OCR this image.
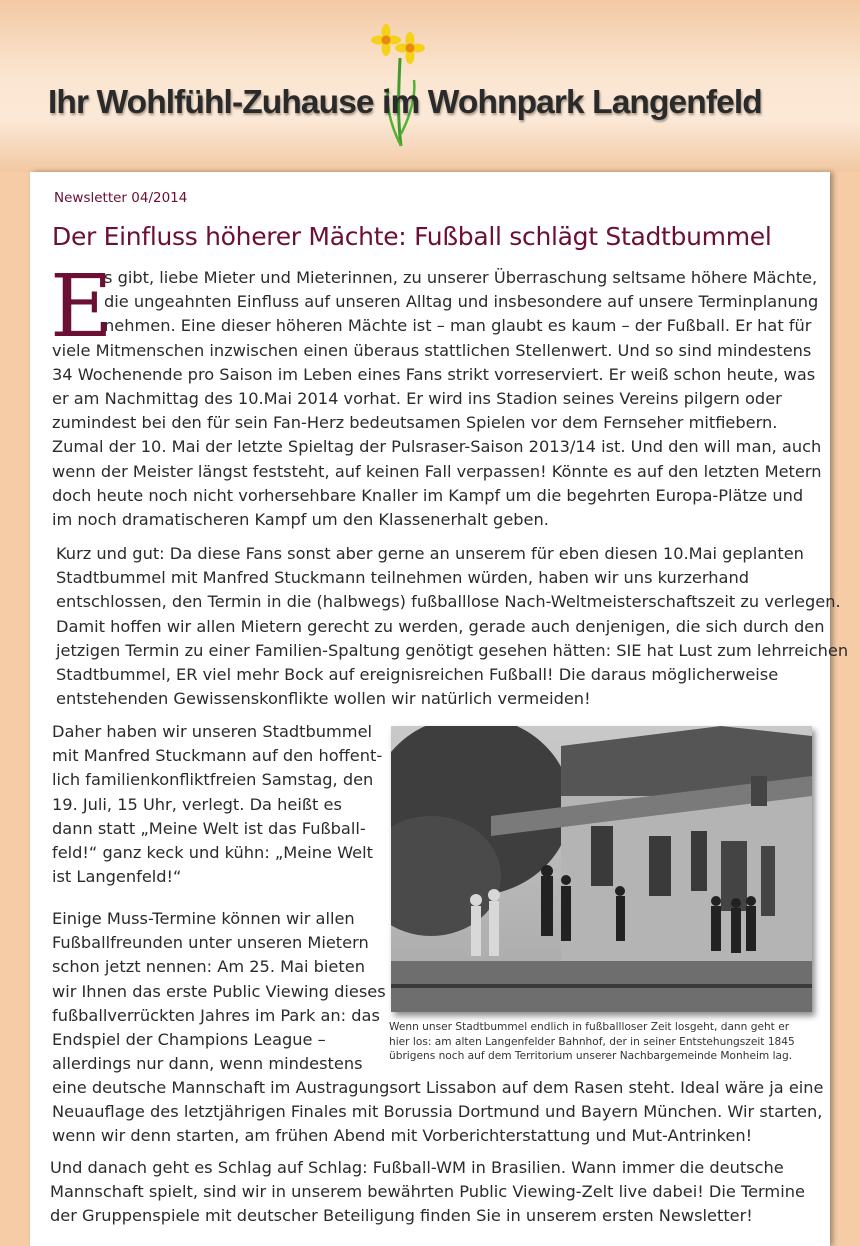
Ihr Wohlfühl-Zuhause im Wohnpark Langenfeld
Newsletter 04/2014
Der Einfluss höherer Mächte: Fußball schlägt Stadtbummel
E
s gibt, liebe Mieter und Mieterinnen, zu unserer Überraschung seltsame höhere Mächte,
die ungeahnten Einfluss auf unseren Alltag und insbesondere auf unsere Terminplanung
nehmen. Eine dieser höheren Mächte ist – man glaubt es kaum – der Fußball. Er hat für
viele Mitmenschen inzwischen einen überaus stattlichen Stellenwert. Und so sind mindestens
34 Wochenende pro Saison im Leben eines Fans strikt vorreserviert. Er weiß schon heute, was
er am Nachmittag des 10.Mai 2014 vorhat. Er wird ins Stadion seines Vereins pilgern oder
zumindest bei den für sein Fan-Herz bedeutsamen Spielen vor dem Fernseher mitfiebern.
Zumal der 10. Mai der letzte Spieltag der Pulsraser-Saison 2013/14 ist. Und den will man, auch
wenn der Meister längst feststeht, auf keinen Fall verpassen! Könnte es auf den letzten Metern
doch heute noch nicht vorhersehbare Knaller im Kampf um die begehrten Europa-Plätze und
im noch dramatischeren Kampf um den Klassenerhalt geben.
Kurz und gut: Da diese Fans sonst aber gerne an unserem für eben diesen 10.Mai geplanten
Stadtbummel mit Manfred Stuckmann teilnehmen würden, haben wir uns kurzerhand
entschlossen, den Termin in die (halbwegs) fußballlose Nach-Weltmeisterschaftszeit zu verlegen.
Damit hoffen wir allen Mietern gerecht zu werden, gerade auch denjenigen, die sich durch den
jetzigen Termin zu einer Familien-Spaltung genötigt gesehen hätten: SIE hat Lust zum lehrreichen
Stadtbummel, ER viel mehr Bock auf ereignisreichen Fußball! Die daraus möglicherweise
entstehenden Gewissenskonflikte wollen wir natürlich vermeiden!
Daher haben wir unseren Stadtbummel
mit Manfred Stuckmann auf den hoffent-
lich familienkonfliktfreien Samstag, den
19. Juli, 15 Uhr, verlegt. Da heißt es
dann statt „Meine Welt ist das Fußball-
feld!“ ganz keck und kühn: „Meine Welt
ist Langenfeld!“
Einige Muss-Termine können wir allen
Fußballfreunden unter unseren Mietern
schon jetzt nennen: Am 25. Mai bieten
wir Ihnen das erste Public Viewing dieses
fußballverrückten Jahres im Park an: das
Endspiel der Champions League –
allerdings nur dann, wenn mindestens
eine deutsche Mannschaft im Austragungsort Lissabon auf dem Rasen steht. Ideal wäre ja eine
Neuauflage des letztjährigen Finales mit Borussia Dortmund und Bayern München. Wir starten,
wenn wir denn starten, am frühen Abend mit Vorberichterstattung und Mut-Antrinken!
Und danach geht es Schlag auf Schlag: Fußball-WM in Brasilien. Wann immer die deutsche
Mannschaft spielt, sind wir in unserem bewährten Public Viewing-Zelt live dabei! Die Termine
der Gruppenspiele mit deutscher Beteiligung finden Sie in unserem ersten Newsletter!
Wenn unser Stadtbummel endlich in fußballloser Zeit losgeht, dann geht er
hier los: am alten Langenfelder Bahnhof, der in seiner Entstehungszeit 1845
übrigens noch auf dem Territorium unserer Nachbargemeinde Monheim lag.
